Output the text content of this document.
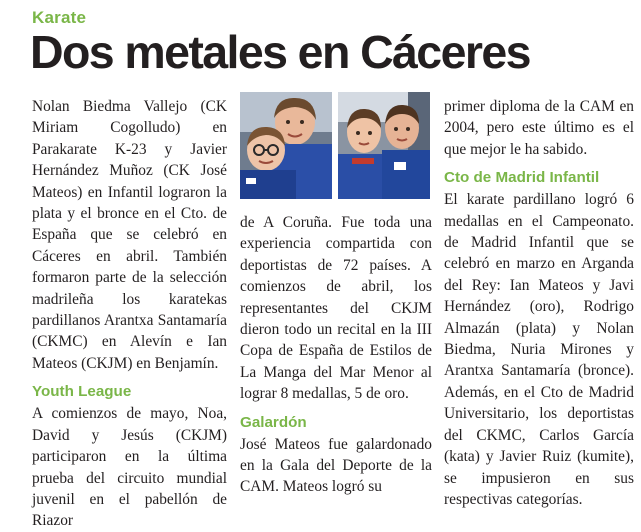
Karate
Dos metales en Cáceres

Nolan Biedma Vallejo (CK Miriam Cogolludo) en Parakarate K-23 y Javier Hernández Muñoz (CK José Mateos) en Infantil lograron la plata y el bronce en el Cto. de España que se celebró en Cáceres en abril. También formaron parte de la selección madrileña los karatekas pardillanos Arantxa Santamaría (CKMC) en Alevín e Ian Mateos (CKJM) en Benjamín.

Youth League

A comienzos de mayo, Noa, David y Jesús (CKJM) participaron en la última prueba del circuito mundial juvenil en el pabellón de Riazor

de A Coruña. Fue toda una experiencia compartida con deportistas de 72 países. A comienzos de abril, los representantes del CKJM dieron todo un recital en la III Copa de España de Estilos de La Manga del Mar Menor al lograr 8 medallas, 5 de oro.

Galardón

José Mateos fue galardonado en la Gala del Deporte de la CAM. Mateos logró su

primer diploma de la CAM en 2004, pero este último es el que mejor le ha sabido.

Cto de Madrid Infantil

El karate pardillano logró 6 medallas en el Campeonato. de Madrid Infantil que se celebró en marzo en Arganda del Rey: Ian Mateos y Javi Hernández (oro), Rodrigo Almazán (plata) y Nolan Biedma, Nuria Mirones y Arantxa Santamaría (bronce). Además, en el Cto de Madrid Universitario, los deportistas del CKMC, Carlos García (kata) y Javier Ruiz (kumite), se impusieron en sus respectivas categorías.
